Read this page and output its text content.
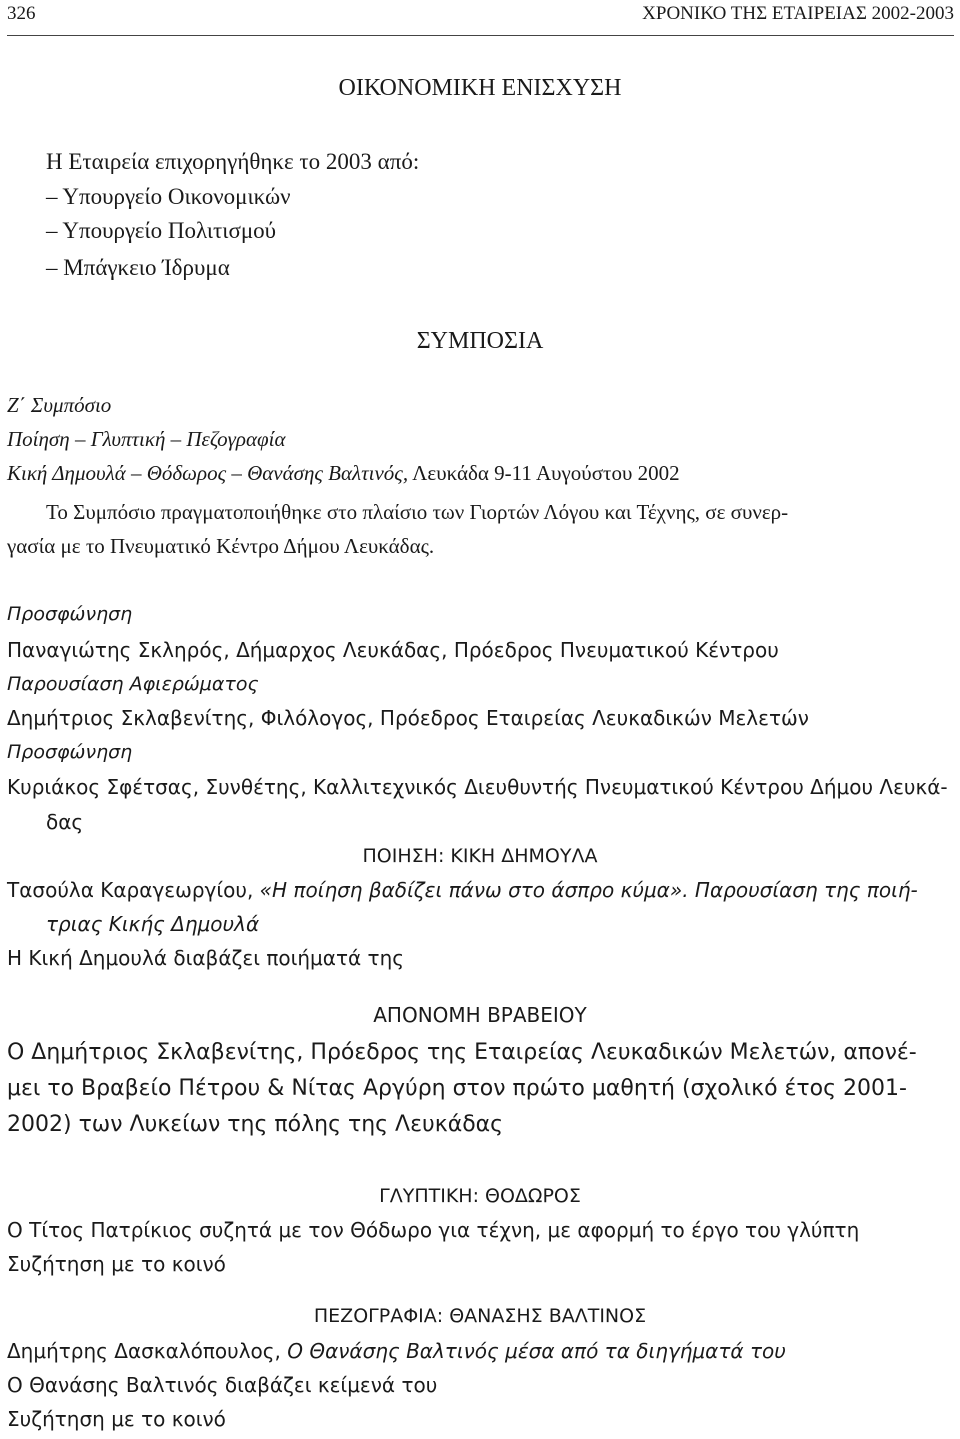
326	ΧΡΟΝΙΚΟ ΤΗΣ ΕΤΑΙΡΕΙΑΣ 2002-2003
ΟΙΚΟΝΟΜΙΚΗ ΕΝΙΣΧΥΣΗ
Η Εταιρεία επιχορηγήθηκε το 2003 από:
– Υπουργείο Οικονομικών
– Υπουργείο Πολιτισμού
– Μπάγκειο Ίδρυμα
ΣΥΜΠΟΣΙΑ
Ζ΄ Συμπόσιο
Ποίηση – Γλυπτική – Πεζογραφία
Κική Δημουλά – Θόδωρος – Θανάσης Βαλτινός, Λευκάδα 9-11 Αυγούστου 2002
Το Συμπόσιο πραγματοποιήθηκε στο πλαίσιο των Γιορτών Λόγου και Τέχνης, σε συνερ-
γασία με το Πνευματικό Κέντρο Δήμου Λευκάδας.
Προσφώνηση
Παναγιώτης Σκληρός, Δήμαρχος Λευκάδας, Πρόεδρος Πνευματικού Κέντρου
Παρουσίαση Αφιερώματος
Δημήτριος Σκλαβενίτης, Φιλόλογος, Πρόεδρος Εταιρείας Λευκαδικών Μελετών
Προσφώνηση
Κυριάκος Σφέτσας, Συνθέτης, Καλλιτεχνικός Διευθυντής Πνευματικού Κέντρου Δήμου Λευκά-
δας
ΠΟΙΗΣΗ: ΚΙΚΗ ΔΗΜΟΥΛΑ
Τασούλα Καραγεωργίου, «Η ποίηση βαδίζει πάνω στο άσπρο κύμα». Παρουσίαση της ποιή-
τριας Κικής Δημουλά
Η Κική Δημουλά διαβάζει ποιήματά της
ΑΠΟΝΟΜΗ ΒΡΑΒΕΙΟΥ
Ο Δημήτριος Σκλαβενίτης, Πρόεδρος της Εταιρείας Λευκαδικών Μελετών, απονέ-
μει το Βραβείο Πέτρου & Νίτας Αργύρη στον πρώτο μαθητή (σχολικό έτος 2001-
2002) των Λυκείων της πόλης της Λευκάδας
ΓΛΥΠΤΙΚΗ: ΘΟΔΩΡΟΣ
Ο Τίτος Πατρίκιος συζητά με τον Θόδωρο για τέχνη, με αφορμή το έργο του γλύπτη
Συζήτηση με το κοινό
ΠΕΖΟΓΡΑΦΙΑ: ΘΑΝΑΣΗΣ ΒΑΛΤΙΝΟΣ
Δημήτρης Δασκαλόπουλος, Ο Θανάσης Βαλτινός μέσα από τα διηγήματά του
Ο Θανάσης Βαλτινός διαβάζει κείμενά του
Συζήτηση με το κοινό
